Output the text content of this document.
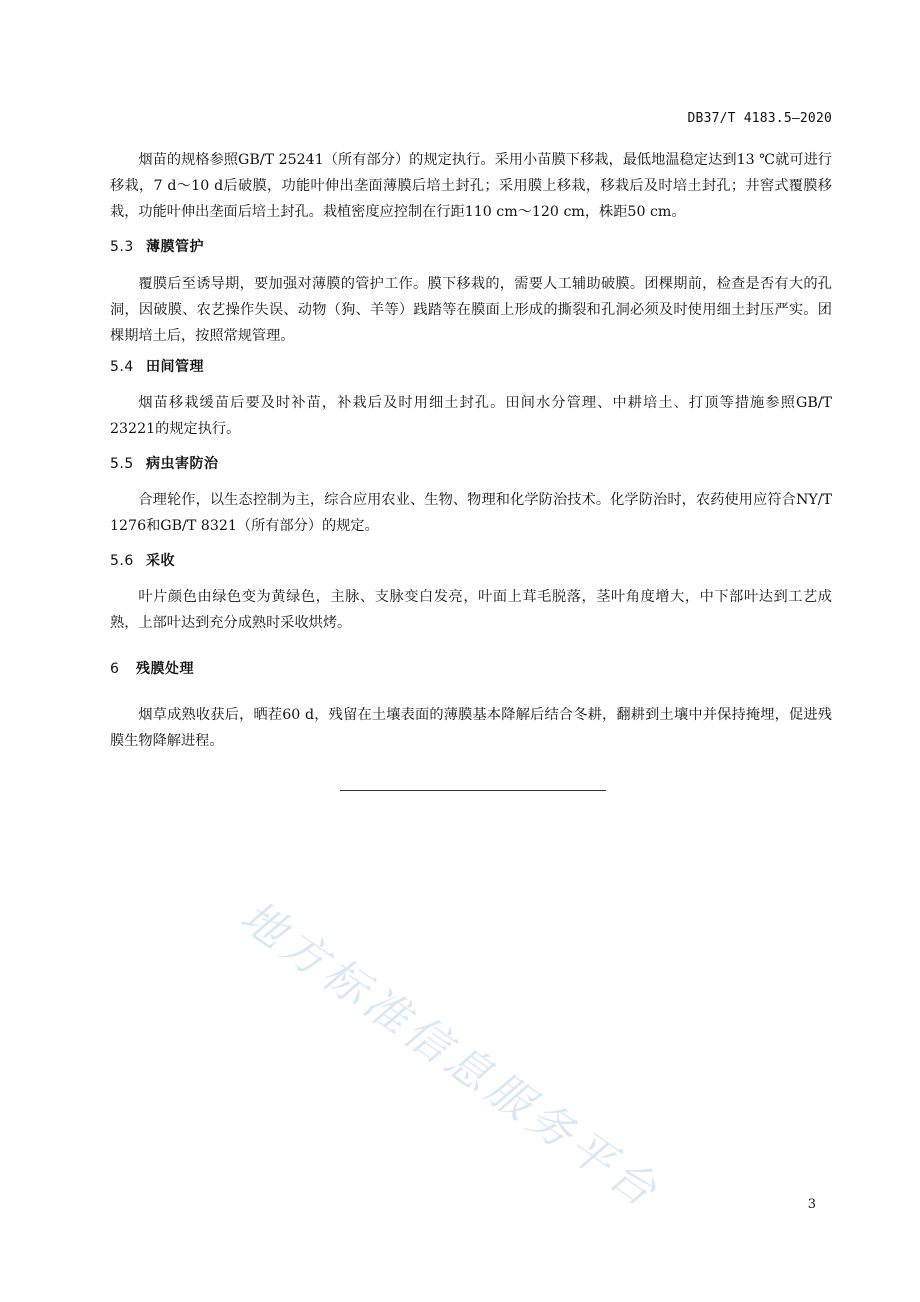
DB37/T 4183.5—2020

烟苗的规格参照GB/T 25241（所有部分）的规定执行。采用小苗膜下移栽，最低地温稳定达到13 ℃就可进行移栽，7 d～10 d后破膜，功能叶伸出垄面薄膜后培土封孔；采用膜上移栽，移栽后及时培土封孔；井窖式覆膜移栽，功能叶伸出垄面后培土封孔。栽植密度应控制在行距110 cm～120 cm，株距50 cm。

5.3 薄膜管护

覆膜后至诱导期，要加强对薄膜的管护工作。膜下移栽的，需要人工辅助破膜。团棵期前，检查是否有大的孔洞，因破膜、农艺操作失误、动物（狗、羊等）践踏等在膜面上形成的撕裂和孔洞必须及时使用细土封压严实。团棵期培土后，按照常规管理。

5.4 田间管理

烟苗移栽缓苗后要及时补苗，补栽后及时用细土封孔。田间水分管理、中耕培土、打顶等措施参照GB/T 23221的规定执行。

5.5 病虫害防治

合理轮作，以生态控制为主，综合应用农业、生物、物理和化学防治技术。化学防治时，农药使用应符合NY/T 1276和GB/T 8321（所有部分）的规定。

5.6 采收

叶片颜色由绿色变为黄绿色，主脉、支脉变白发亮，叶面上茸毛脱落，茎叶角度增大，中下部叶达到工艺成熟，上部叶达到充分成熟时采收烘烤。

6 残膜处理

烟草成熟收获后，晒茬60 d，残留在土壤表面的薄膜基本降解后结合冬耕，翻耕到土壤中并保持掩埋，促进残膜生物降解进程。

地方标准信息服务平台	3
